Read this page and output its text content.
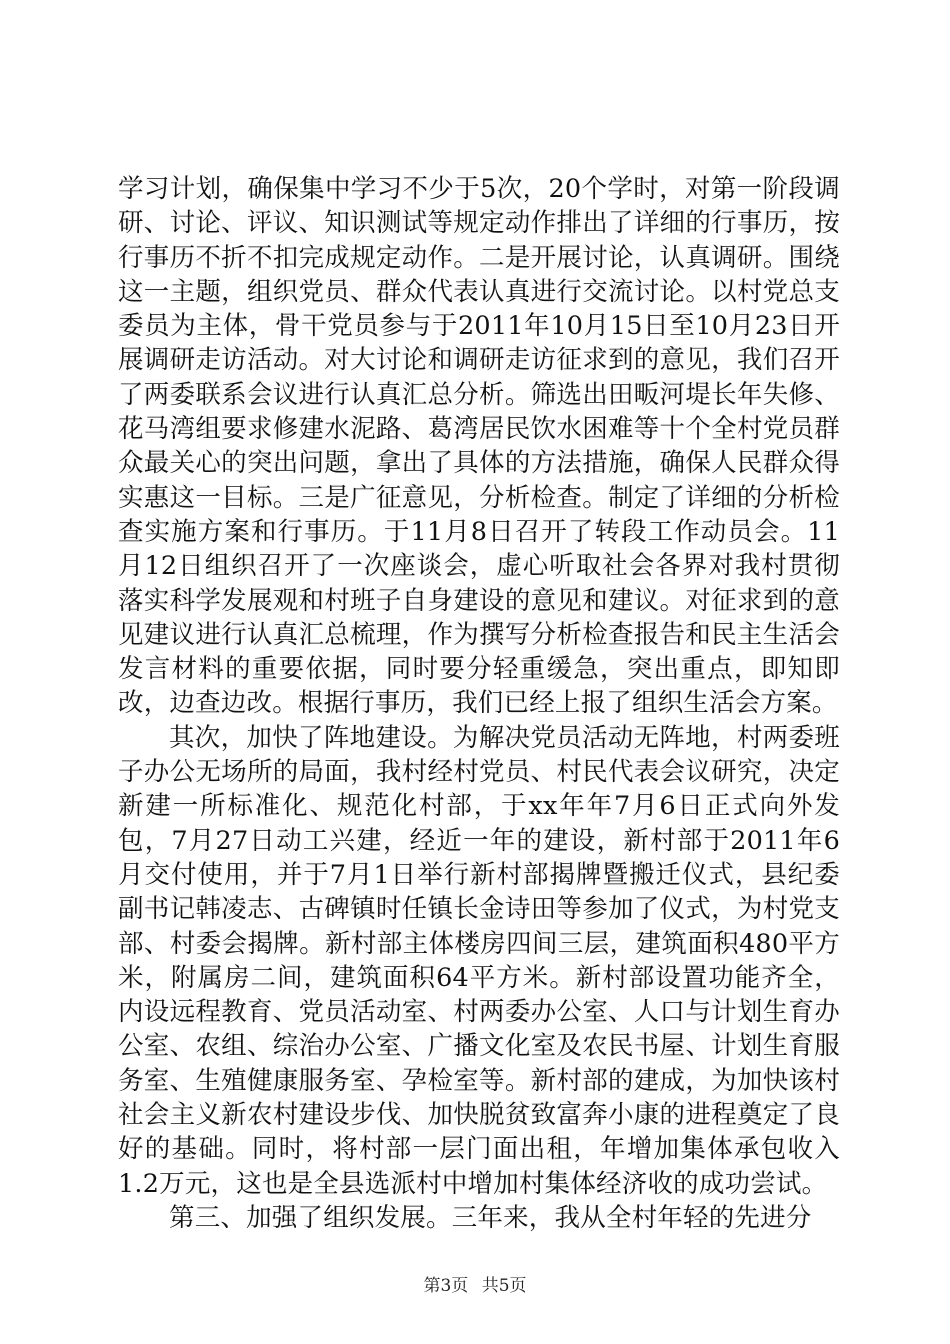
学习计划，确保集中学习不少于5次，20个学时，对第一阶段调研、讨论、评议、知识测试等规定动作排出了详细的行事历，按行事历不折不扣完成规定动作。二是开展讨论，认真调研。围绕这一主题，组织党员、群众代表认真进行交流讨论。以村党总支委员为主体，骨干党员参与于2011年10月15日至10月23日开展调研走访活动。对大讨论和调研走访征求到的意见，我们召开了两委联系会议进行认真汇总分析。筛选出田畈河堤长年失修、花马湾组要求修建水泥路、葛湾居民饮水困难等十个全村党员群众最关心的突出问题，拿出了具体的方法措施，确保人民群众得实惠这一目标。三是广征意见，分析检查。制定了详细的分析检查实施方案和行事历。于11月8日召开了转段工作动员会。11月12日组织召开了一次座谈会，虚心听取社会各界对我村贯彻落实科学发展观和村班子自身建设的意见和建议。对征求到的意见建议进行认真汇总梳理，作为撰写分析检查报告和民主生活会发言材料的重要依据，同时要分轻重缓急，突出重点，即知即改，边查边改。根据行事历，我们已经上报了组织生活会方案。

其次，加快了阵地建设。为解决党员活动无阵地，村两委班子办公无场所的局面，我村经村党员、村民代表会议研究，决定新建一所标准化、规范化村部，于xx年年7月6日正式向外发包，7月27日动工兴建，经近一年的建设，新村部于2011年6月交付使用，并于7月1日举行新村部揭牌暨搬迁仪式，县纪委副书记韩凌志、古碑镇时任镇长金诗田等参加了仪式，为村党支部、村委会揭牌。新村部主体楼房四间三层，建筑面积480平方米，附属房二间，建筑面积64平方米。新村部设置功能齐全，内设远程教育、党员活动室、村两委办公室、人口与计划生育办公室、农组、综治办公室、广播文化室及农民书屋、计划生育服务室、生殖健康服务室、孕检室等。新村部的建成，为加快该村社会主义新农村建设步伐、加快脱贫致富奔小康的进程奠定了良好的基础。同时，将村部一层门面出租，年增加集体承包收入1.2万元，这也是全县选派村中增加村集体经济收的成功尝试。

第三、加强了组织发展。三年来，我从全村年轻的先进分

第3页 共5页
